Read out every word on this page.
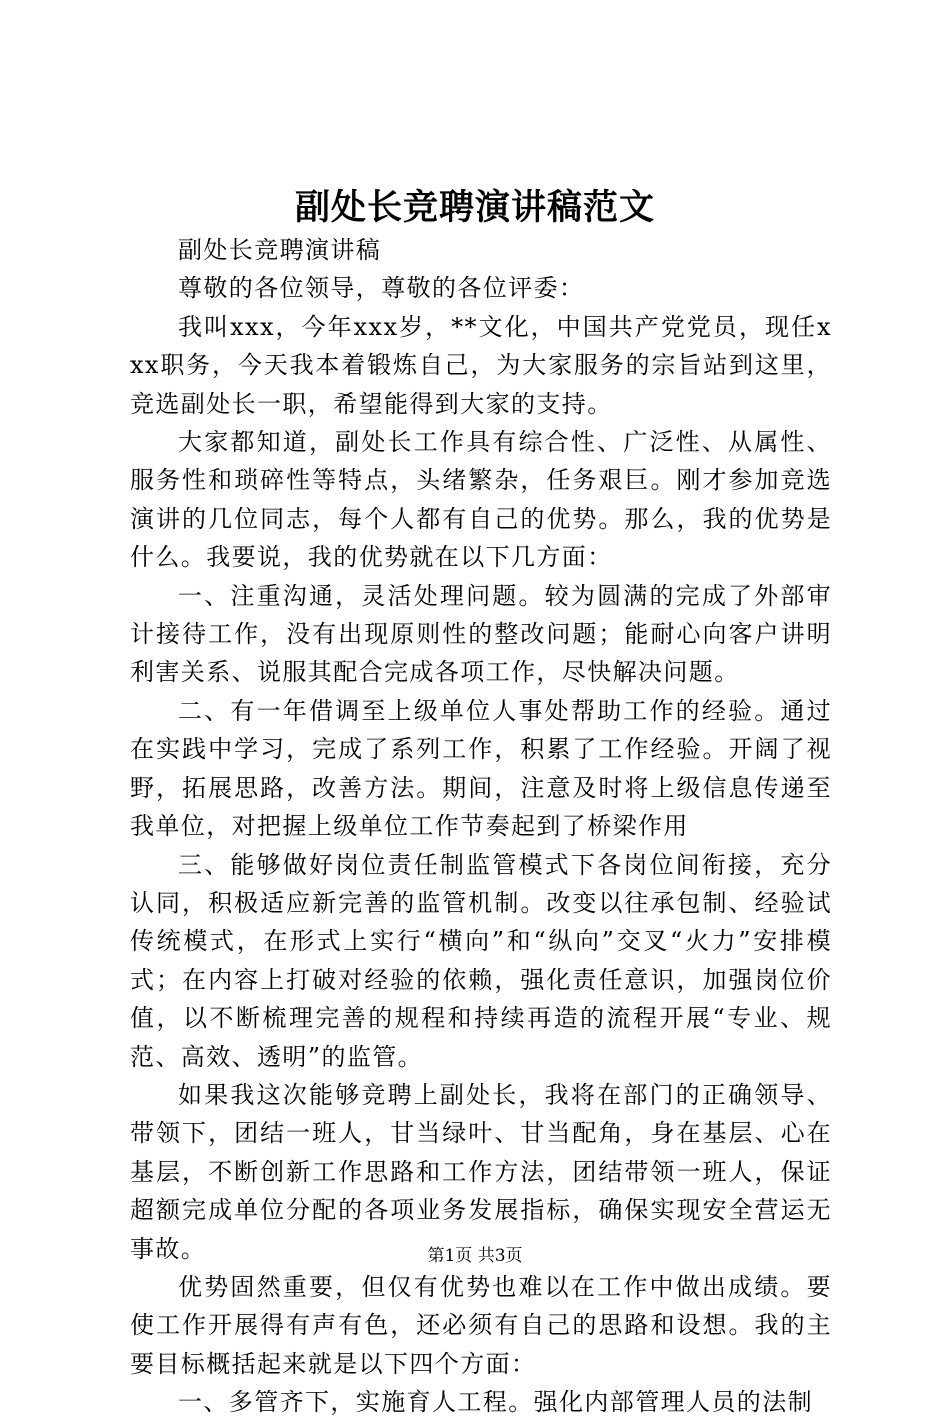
副处长竞聘演讲稿范文

副处长竞聘演讲稿

尊敬的各位领导，尊敬的各位评委：

我叫xxx，今年xxx岁，**文化，中国共产党党员，现任xxx职务，今天我本着锻炼自己，为大家服务的宗旨站到这里，竞选副处长一职，希望能得到大家的支持。

大家都知道，副处长工作具有综合性、广泛性、从属性、服务性和琐碎性等特点，头绪繁杂，任务艰巨。刚才参加竞选演讲的几位同志，每个人都有自己的优势。那么，我的优势是什么。我要说，我的优势就在以下几方面：

一、注重沟通，灵活处理问题。较为圆满的完成了外部审计接待工作，没有出现原则性的整改问题；能耐心向客户讲明利害关系、说服其配合完成各项工作，尽快解决问题。

二、有一年借调至上级单位人事处帮助工作的经验。通过在实践中学习，完成了系列工作，积累了工作经验。开阔了视野，拓展思路，改善方法。期间，注意及时将上级信息传递至我单位，对把握上级单位工作节奏起到了桥梁作用

三、能够做好岗位责任制监管模式下各岗位间衔接，充分认同，积极适应新完善的监管机制。改变以往承包制、经验试传统模式，在形式上实行“横向”和“纵向”交叉“火力”安排模式；在内容上打破对经验的依赖，强化责任意识，加强岗位价值，以不断梳理完善的规程和持续再造的流程开展“专业、规范、高效、透明”的监管。

如果我这次能够竞聘上副处长，我将在部门的正确领导、带领下，团结一班人，甘当绿叶、甘当配角，身在基层、心在基层，不断创新工作思路和工作方法，团结带领一班人，保证超额完成单位分配的各项业务发展指标，确保实现安全营运无事故。

优势固然重要，但仅有优势也难以在工作中做出成绩。要使工作开展得有声有色，还必须有自己的思路和设想。我的主要目标概括起来就是以下四个方面：

一、多管齐下，实施育人工程。强化内部管理人员的法制

第1页 共3页
